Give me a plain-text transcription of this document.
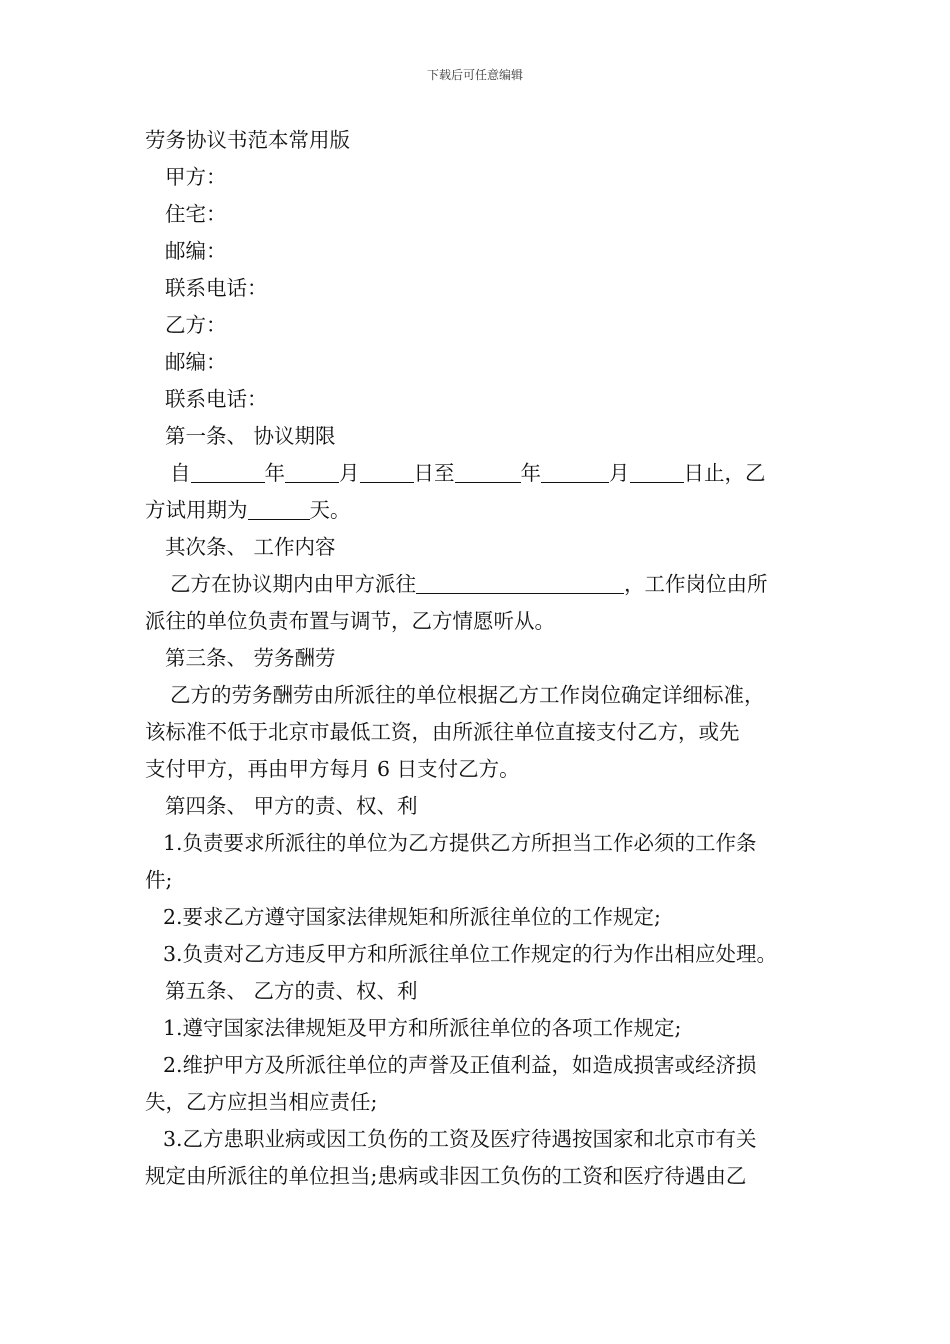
下载后可任意编辑
劳务协议书范本常用版
甲方：
住宅：
邮编：
联系电话：
乙方：
邮编：
联系电话：
第一条、 协议期限
自	年	月	日至	年	月	日止，乙
方试用期为	天。
其次条、 工作内容
乙方在协议期内由甲方派往	，工作岗位由所
派往的单位负责布置与调节，乙方情愿听从。
第三条、 劳务酬劳
乙方的劳务酬劳由所派往的单位根据乙方工作岗位确定详细标准，
该标准不低于北京市最低工资，由所派往单位直接支付乙方，或先
支付甲方，再由甲方每月 6 日支付乙方。
第四条、 甲方的责、权、利
1.负责要求所派往的单位为乙方提供乙方所担当工作必须的工作条
件;
2.要求乙方遵守国家法律规矩和所派往单位的工作规定;
3.负责对乙方违反甲方和所派往单位工作规定的行为作出相应处理。
第五条、 乙方的责、权、利
1.遵守国家法律规矩及甲方和所派往单位的各项工作规定;
2.维护甲方及所派往单位的声誉及正值利益，如造成损害或经济损
失，乙方应担当相应责任;
3.乙方患职业病或因工负伤的工资及医疗待遇按国家和北京市有关
规定由所派往的单位担当;患病或非因工负伤的工资和医疗待遇由乙
